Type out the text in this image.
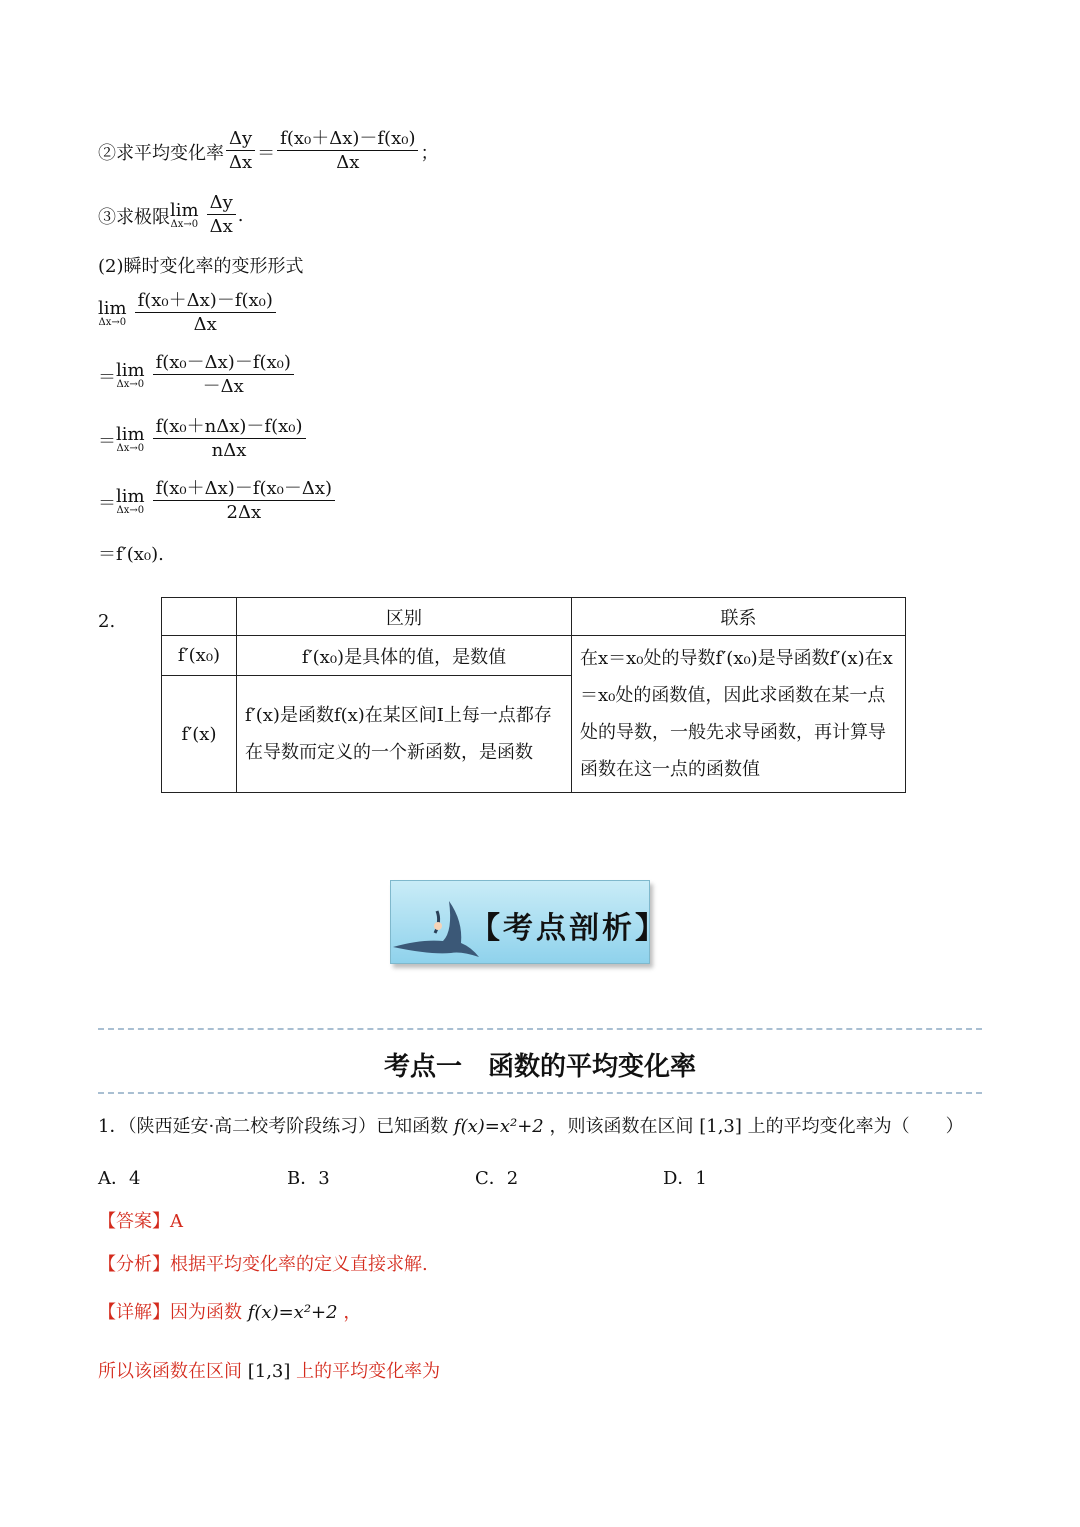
②求平均变化率 $\frac{\Delta y}{\Delta x} = \frac{\text{f(x₀＋Δx)－f(x₀)}}{\Delta x}$ ；
③求极限 lim
$\Delta x\to 0 \frac{\Delta y}{\Delta x}$ .
(2)瞬时变化率的变形形式
lim
$\Delta x\to 0 \frac{\text{f(x₀＋Δx)－f(x₀)}}{\Delta x}$
＝ lim
$\Delta x\to 0 \frac{\text{f(x₀－Δx)－f(x₀)}}{-\Delta x}$
＝ lim
$\Delta x\to 0 \frac{\text{f(x₀＋nΔx)－f(x₀)}}{\text{nΔx}}$
＝ lim
$\Delta x\to 0 \frac{\text{f(x₀＋Δx)－f(x₀－Δx)}}{2\Delta x}$
＝f′(x₀).
2.
		区别	联系
f′(x₀)	f′(x₀)是具体的值，是数值	在x＝x₀处的导数f′(x₀)是导函数f′(x)在x＝x₀处的函数值，因此求函数在某一点处的导数，一般先求导函数，再计算导函数在这一点的函数值
f′(x)	f′(x)是函数f(x)在某区间I上每一点都存在导数而定义的一个新函数，是函数	
【考点剖析】
考点一　函数的平均变化率
1．（陕西延安·高二校考阶段练习）已知函数 f(x)=x²+2 ，则该函数在区间 [1,3] 上的平均变化率为（　　）
A．4	B．3	C．2	D．1
【答案】A
【分析】根据平均变化率的定义直接求解.
【详解】因为函数 f(x)=x²+2 ，
所以该函数在区间 [1,3] 上的平均变化率为
